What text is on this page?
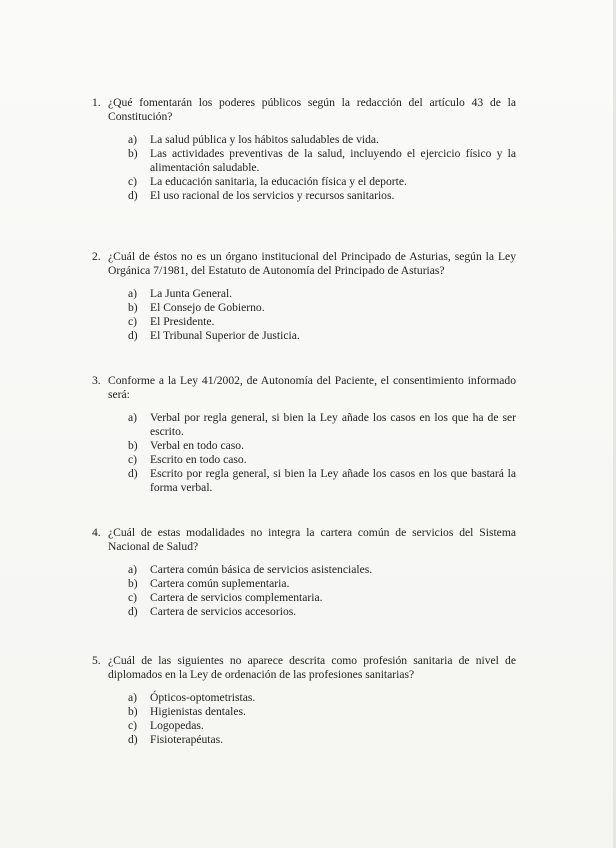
1. ¿Qué fomentarán los poderes públicos según la redacción del artículo 43 de la Constitución?
a) La salud pública y los hábitos saludables de vida.
b) Las actividades preventivas de la salud, incluyendo el ejercicio físico y la alimentación saludable.
c) La educación sanitaria, la educación física y el deporte.
d) El uso racional de los servicios y recursos sanitarios.
2. ¿Cuál de éstos no es un órgano institucional del Principado de Asturias, según la Ley Orgánica 7/1981, del Estatuto de Autonomía del Principado de Asturias?
a) La Junta General.
b) El Consejo de Gobierno.
c) El Presidente.
d) El Tribunal Superior de Justicia.
3. Conforme a la Ley 41/2002, de Autonomía del Paciente, el consentimiento informado será:
a) Verbal por regla general, si bien la Ley añade los casos en los que ha de ser escrito.
b) Verbal en todo caso.
c) Escrito en todo caso.
d) Escrito por regla general, si bien la Ley añade los casos en los que bastará la forma verbal.
4. ¿Cuál de estas modalidades no integra la cartera común de servicios del Sistema Nacional de Salud?
a) Cartera común básica de servicios asistenciales.
b) Cartera común suplementaria.
c) Cartera de servicios complementaria.
d) Cartera de servicios accesorios.
5. ¿Cuál de las siguientes no aparece descrita como profesión sanitaria de nivel de diplomados en la Ley de ordenación de las profesiones sanitarias?
a) Ópticos-optometristas.
b) Higienistas dentales.
c) Logopedas.
d) Fisioterapéutas.
